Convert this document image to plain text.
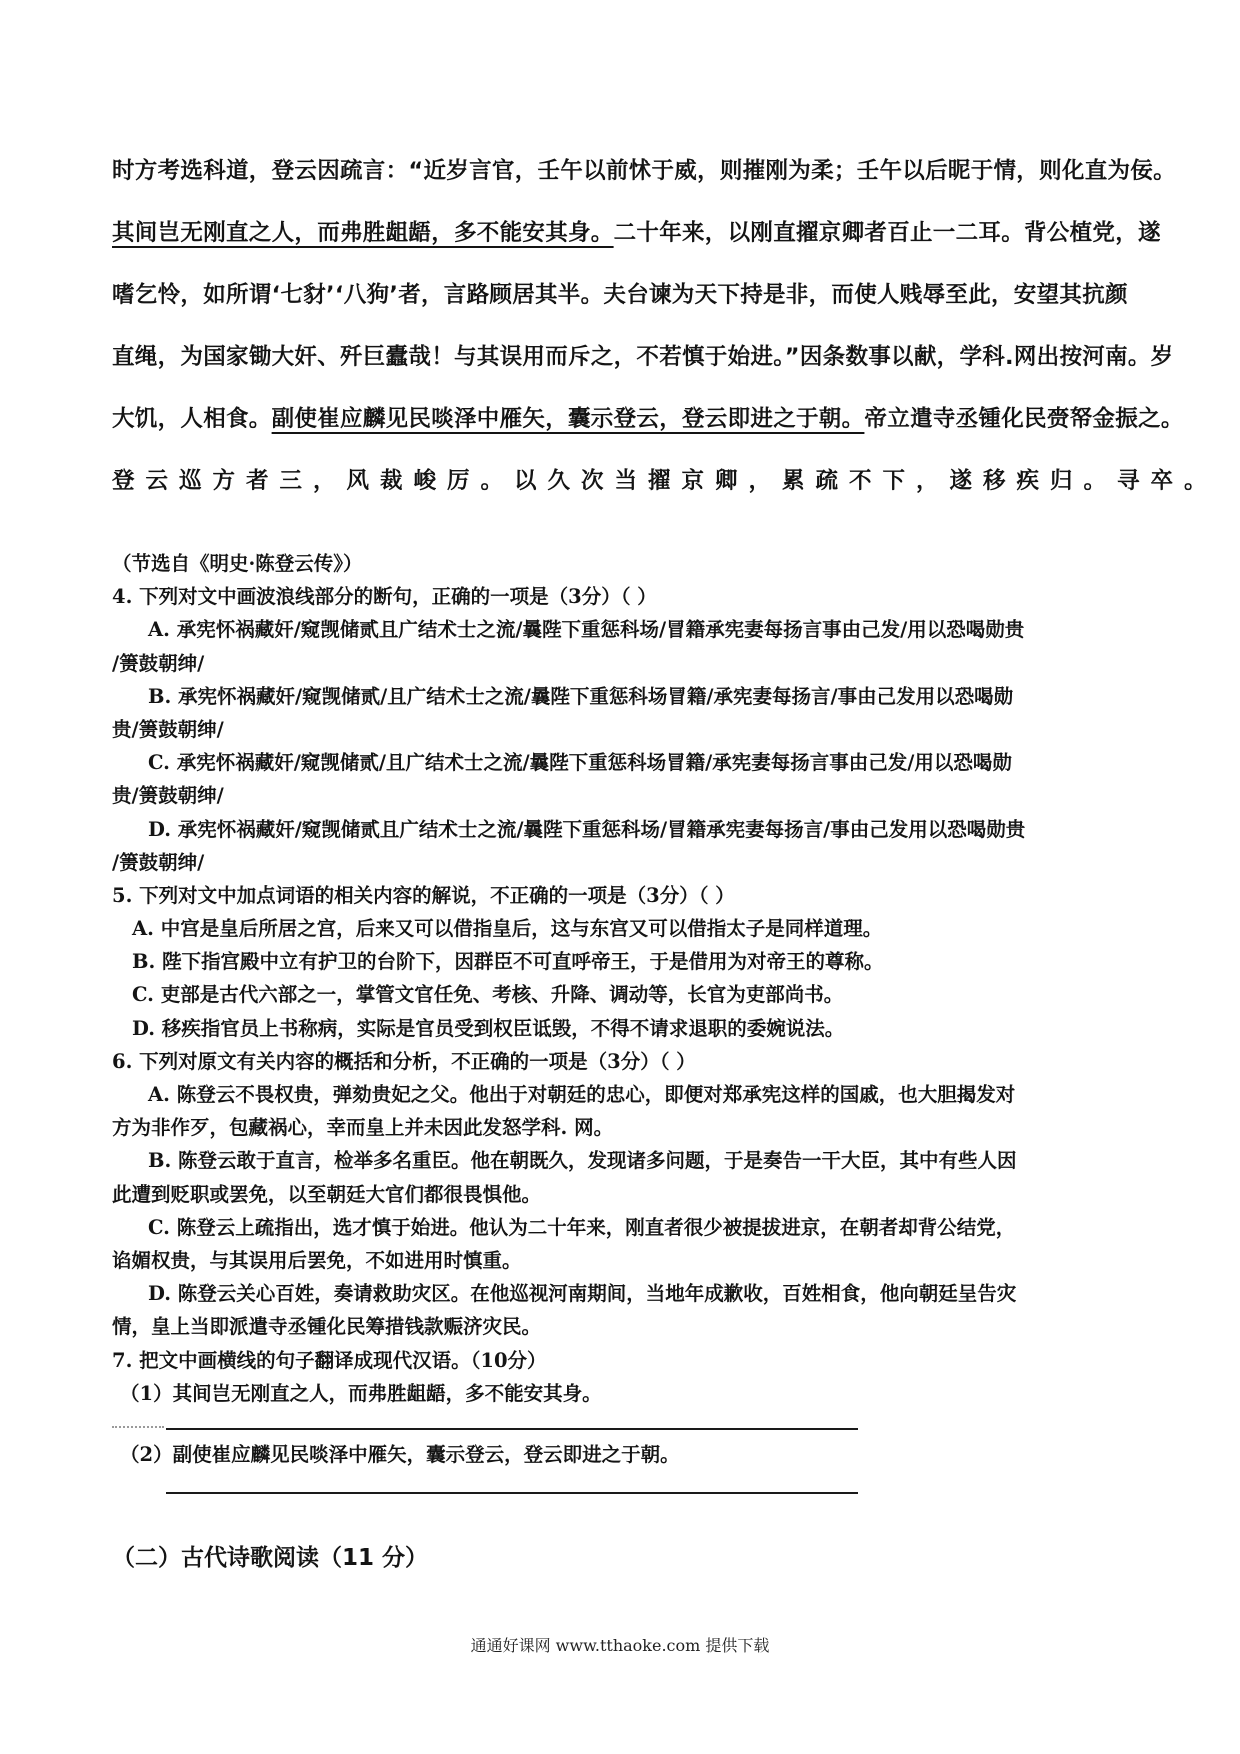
时方考选科道，登云因疏言：“近岁言官，壬午以前怵于威，则摧刚为柔；壬午以后昵于情，则化直为佞。
其间岂无刚直之人，而弗胜龃龉，多不能安其身。二十年来，以刚直擢京卿者百止一二耳。背公植党，遂
嗜乞怜，如所谓‘七豺’‘八狗’者，言路顾居其半。夫台谏为天下持是非，而使人贱辱至此，安望其抗颜
直绳，为国家锄大奸、歼巨蠹哉！与其误用而斥之，不若慎于始进。”因条数事以献，学科.网出按河南。岁
大饥，人相食。副使崔应麟见民啖泽中雁矢，囊示登云，登云即进之于朝。帝立遣寺丞锺化民赍帑金振之。
登云巡方者三，风裁峻厉。以久次当擢京卿，累疏不下，遂移疾归。寻卒。
（节选自《明史·陈登云传》）
4. 下列对文中画波浪线部分的断句，正确的一项是（3分）（ ）
A. 承宪怀祸藏奸/窥觊储贰且广结术士之流/曩陛下重惩科场/冒籍承宪妻每扬言事由己发/用以恐喝勋贵
/箦鼓朝绅/
B. 承宪怀祸藏奸/窥觊储贰/且广结术士之流/曩陛下重惩科场冒籍/承宪妻每扬言/事由己发用以恐喝勋
贵/箦鼓朝绅/
C. 承宪怀祸藏奸/窥觊储贰/且广结术士之流/曩陛下重惩科场冒籍/承宪妻每扬言事由己发/用以恐喝勋
贵/箦鼓朝绅/
D. 承宪怀祸藏奸/窥觊储贰且广结术士之流/曩陛下重惩科场/冒籍承宪妻每扬言/事由己发用以恐喝勋贵
/箦鼓朝绅/
5. 下列对文中加点词语的相关内容的解说，不正确的一项是（3分）（ ）
A. 中宫是皇后所居之宫，后来又可以借指皇后，这与东宫又可以借指太子是同样道理。
B. 陛下指宫殿中立有护卫的台阶下，因群臣不可直呼帝王，于是借用为对帝王的尊称。
C. 吏部是古代六部之一，掌管文官任免、考核、升降、调动等，长官为吏部尚书。
D. 移疾指官员上书称病，实际是官员受到权臣诋毁，不得不请求退职的委婉说法。
6. 下列对原文有关内容的概括和分析，不正确的一项是（3分）（ ）
A. 陈登云不畏权贵，弹劾贵妃之父。他出于对朝廷的忠心，即便对郑承宪这样的国戚，也大胆揭发对
方为非作歹，包藏祸心，幸而皇上并未因此发怒学科. 网。
B. 陈登云敢于直言，检举多名重臣。他在朝既久，发现诸多问题，于是奏告一干大臣，其中有些人因
此遭到贬职或罢免，以至朝廷大官们都很畏惧他。
C. 陈登云上疏指出，选才慎于始进。他认为二十年来，刚直者很少被提拔进京，在朝者却背公结党，
谄媚权贵，与其误用后罢免，不如进用时慎重。
D. 陈登云关心百姓，奏请救助灾区。在他巡视河南期间，当地年成歉收，百姓相食，他向朝廷呈告灾
情，皇上当即派遣寺丞锺化民筹措钱款赈济灾民。
7. 把文中画横线的句子翻译成现代汉语。（10分）
（1）其间岂无刚直之人，而弗胜龃龉，多不能安其身。
（2）副使崔应麟见民啖泽中雁矢，囊示登云，登云即进之于朝。
（二）古代诗歌阅读（11 分）
通通好课网 www.tthaoke.com 提供下载
